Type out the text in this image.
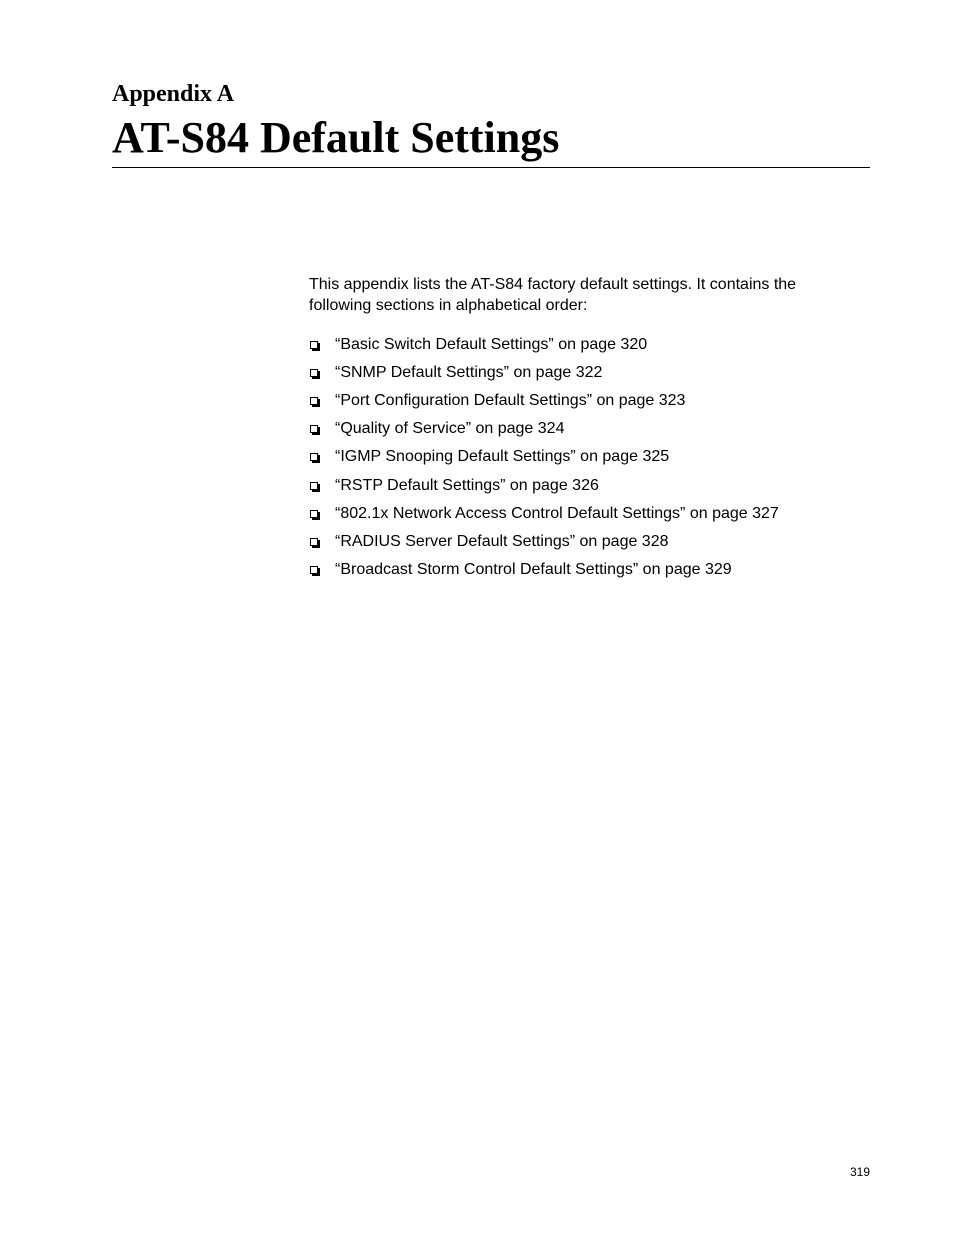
Appendix A
AT-S84 Default Settings

This appendix lists the AT-S84 factory default settings. It contains the following sections in alphabetical order:

“Basic Switch Default Settings” on page 320
“SNMP Default Settings” on page 322
“Port Configuration Default Settings” on page 323
“Quality of Service” on page 324
“IGMP Snooping Default Settings” on page 325
“RSTP Default Settings” on page 326
“802.1x Network Access Control Default Settings” on page 327
“RADIUS Server Default Settings” on page 328
“Broadcast Storm Control Default Settings” on page 329
319
